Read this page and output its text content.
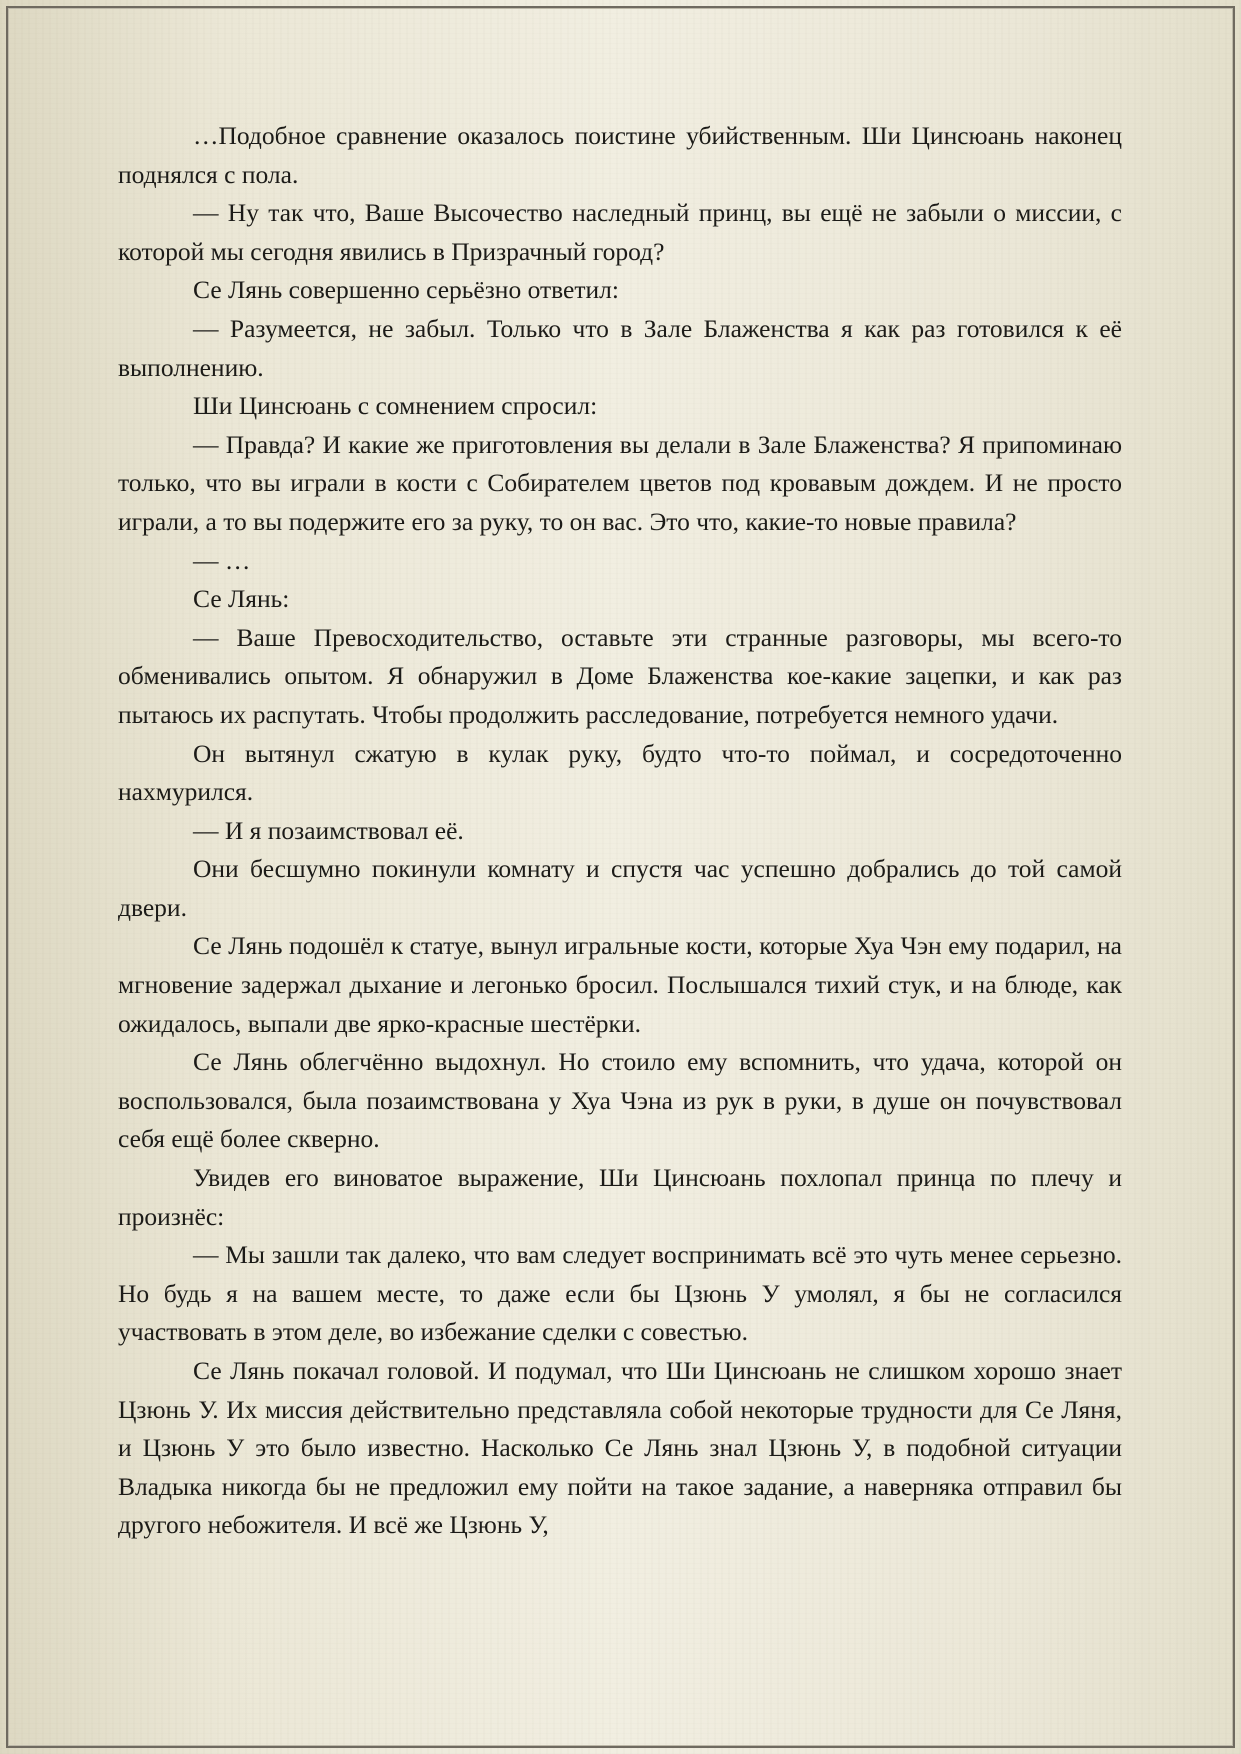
…Подобное сравнение оказалось поистине убийственным. Ши Цинсюань наконец поднялся с пола.

— Ну так что, Ваше Высочество наследный принц, вы ещё не забыли о миссии, с которой мы сегодня явились в Призрачный город?

Се Лянь совершенно серьёзно ответил:

— Разумеется, не забыл. Только что в Зале Блаженства я как раз готовился к её выполнению.

Ши Цинсюань с сомнением спросил:

— Правда? И какие же приготовления вы делали в Зале Блаженства? Я припоминаю только, что вы играли в кости с Собирателем цветов под кровавым дождем. И не просто играли, а то вы подержите его за руку, то он вас. Это что, какие-то новые правила?

— …

Се Лянь:

— Ваше Превосходительство, оставьте эти странные разговоры, мы всего-то обменивались опытом. Я обнаружил в Доме Блаженства кое-какие зацепки, и как раз пытаюсь их распутать. Чтобы продолжить расследование, потребуется немного удачи.

Он вытянул сжатую в кулак руку, будто что-то поймал, и сосредоточенно нахмурился.

— И я позаимствовал её.

Они бесшумно покинули комнату и спустя час успешно добрались до той самой двери.

Се Лянь подошёл к статуе, вынул игральные кости, которые Хуа Чэн ему подарил, на мгновение задержал дыхание и легонько бросил. Послышался тихий стук, и на блюде, как ожидалось, выпали две ярко-красные шестёрки.

Се Лянь облегчённо выдохнул. Но стоило ему вспомнить, что удача, которой он воспользовался, была позаимствована у Хуа Чэна из рук в руки, в душе он почувствовал себя ещё более скверно.

Увидев его виноватое выражение, Ши Цинсюань похлопал принца по плечу и произнёс:

— Мы зашли так далеко, что вам следует воспринимать всё это чуть менее серьезно. Но будь я на вашем месте, то даже если бы Цзюнь У умолял, я бы не согласился участвовать в этом деле, во избежание сделки с совестью.

Се Лянь покачал головой. И подумал, что Ши Цинсюань не слишком хорошо знает Цзюнь У. Их миссия действительно представляла собой некоторые трудности для Се Ляня, и Цзюнь У это было известно. Насколько Се Лянь знал Цзюнь У, в подобной ситуации Владыка никогда бы не предложил ему пойти на такое задание, а наверняка отправил бы другого небожителя. И всё же Цзюнь У,
